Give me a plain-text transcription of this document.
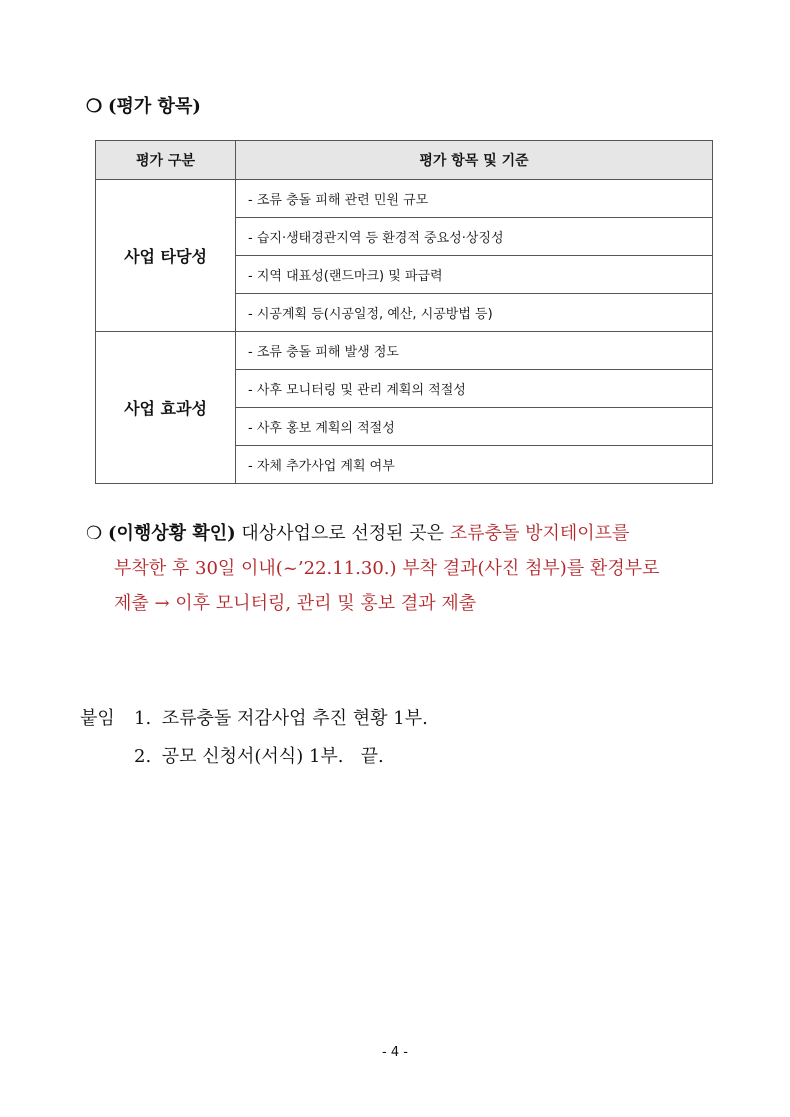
❍ (평가 항목)
평가 구분	평가 항목 및 기준
사업 타당성	- 조류 충돌 피해 관련 민원 규모
	- 습지·생태경관지역 등 환경적 중요성·상징성
	- 지역 대표성(랜드마크) 및 파급력
	- 시공계획 등(시공일정, 예산, 시공방법 등)
사업 효과성	- 조류 충돌 피해 발생 정도
	- 사후 모니터링 및 관리 계획의 적절성
	- 사후 홍보 계획의 적절성
	- 자체 추가사업 계획 여부
❍ (이행상황 확인) 대상사업으로 선정된 곳은 조류충돌 방지테이프를
부착한 후 30일 이내(~’22.11.30.) 부착 결과(사진 첨부)를 환경부로
제출 → 이후 모니터링, 관리 및 홍보 결과 제출
붙임 1. 조류충돌 저감사업 추진 현황 1부.
2. 공모 신청서(서식) 1부.   끝.
- 4 -
